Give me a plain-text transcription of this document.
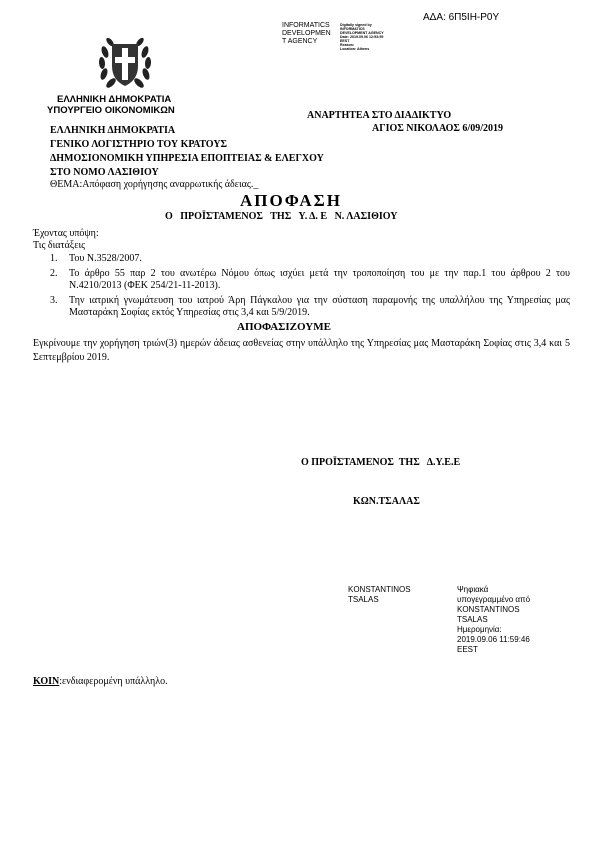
ΑΔΑ: 6Π5ΙΗ-Ρ0Υ
INFORMATICS
DEVELOPMEN
T AGENCY
Digitally signed by
INFORMATICS
DEVELOPMENT AGENCY
Date: 2019.09.06 12:53:59
EEST
Reason:
Location: Athens
ΕΛΛΗΝΙΚΗ ΔΗΜΟΚΡΑΤΙΑ
ΥΠΟΥΡΓΕΙΟ ΟΙΚΟΝΟΜΙΚΩΝ	ΑΝΑΡΤΗΤΕΑ ΣΤΟ ΔΙΑΔΙΚΤΥΟ
ΑΓΙΟΣ ΝΙΚΟΛΑΟΣ 6/09/2019
ΕΛΛΗΝΙΚΗ ΔΗΜΟΚΡΑΤΙΑ
ΓΕΝΙΚΟ ΛΟΓΙΣΤΗΡΙΟ ΤΟΥ ΚΡΑΤΟΥΣ
ΔΗΜΟΣΙΟΝΟΜΙΚΗ ΥΠΗΡΕΣΙΑ ΕΠΟΠΤΕΙΑΣ & ΕΛΕΓΧΟΥ
ΣΤΟ ΝΟΜΟ ΛΑΣΙΘΙΟΥ
ΘΕΜΑ:Απόφαση χορήγησης αναρρωτικής άδειας._
ΑΠΟΦΑΣΗ
Ο   ΠΡΟΪΣΤΑΜΕΝΟΣ   ΤΗΣ   Υ. Δ. Ε   Ν. ΛΑΣΙΘΙΟΥ
Έχοντας υπόψη:
Τις διατάξεις
1. Του Ν.3528/2007.
2. Το άρθρο 55 παρ 2 του ανωτέρω Νόμου όπως ισχύει μετά την τροποποίηση του με την παρ.1 του άρθρου 2 του Ν.4210/2013 (ΦΕΚ 254/21-11-2013).
3. Την ιατρική γνωμάτευση του ιατρού Άρη Πάγκαλου για την σύσταση παραμονής της υπαλλήλου της Υπηρεσίας μας Μασταράκη Σοφίας εκτός Υπηρεσίας στις 3,4 και 5/9/2019.
ΑΠΟΦΑΣΙΖΟΥΜΕ
Εγκρίνουμε την χορήγηση τριών(3) ημερών άδειας ασθενείας στην υπάλληλο της Υπηρεσίας μας Μασταράκη Σοφίας στις 3,4 και 5 Σεπτεμβρίου 2019.
Ο ΠΡΟΪΣΤΑΜΕΝΟΣ  ΤΗΣ   Δ.Υ.Ε.Ε
ΚΩΝ.ΤΣΑΛΑΣ
KONSTANTINOS
TSALAS
Ψηφιακά
υπογεγραμμένο από
KONSTANTINOS
TSALAS
Ημερομηνία:
2019.09.06 11:59:46
EEST
ΚΟΙΝ:ενδιαφερομένη υπάλληλο.
